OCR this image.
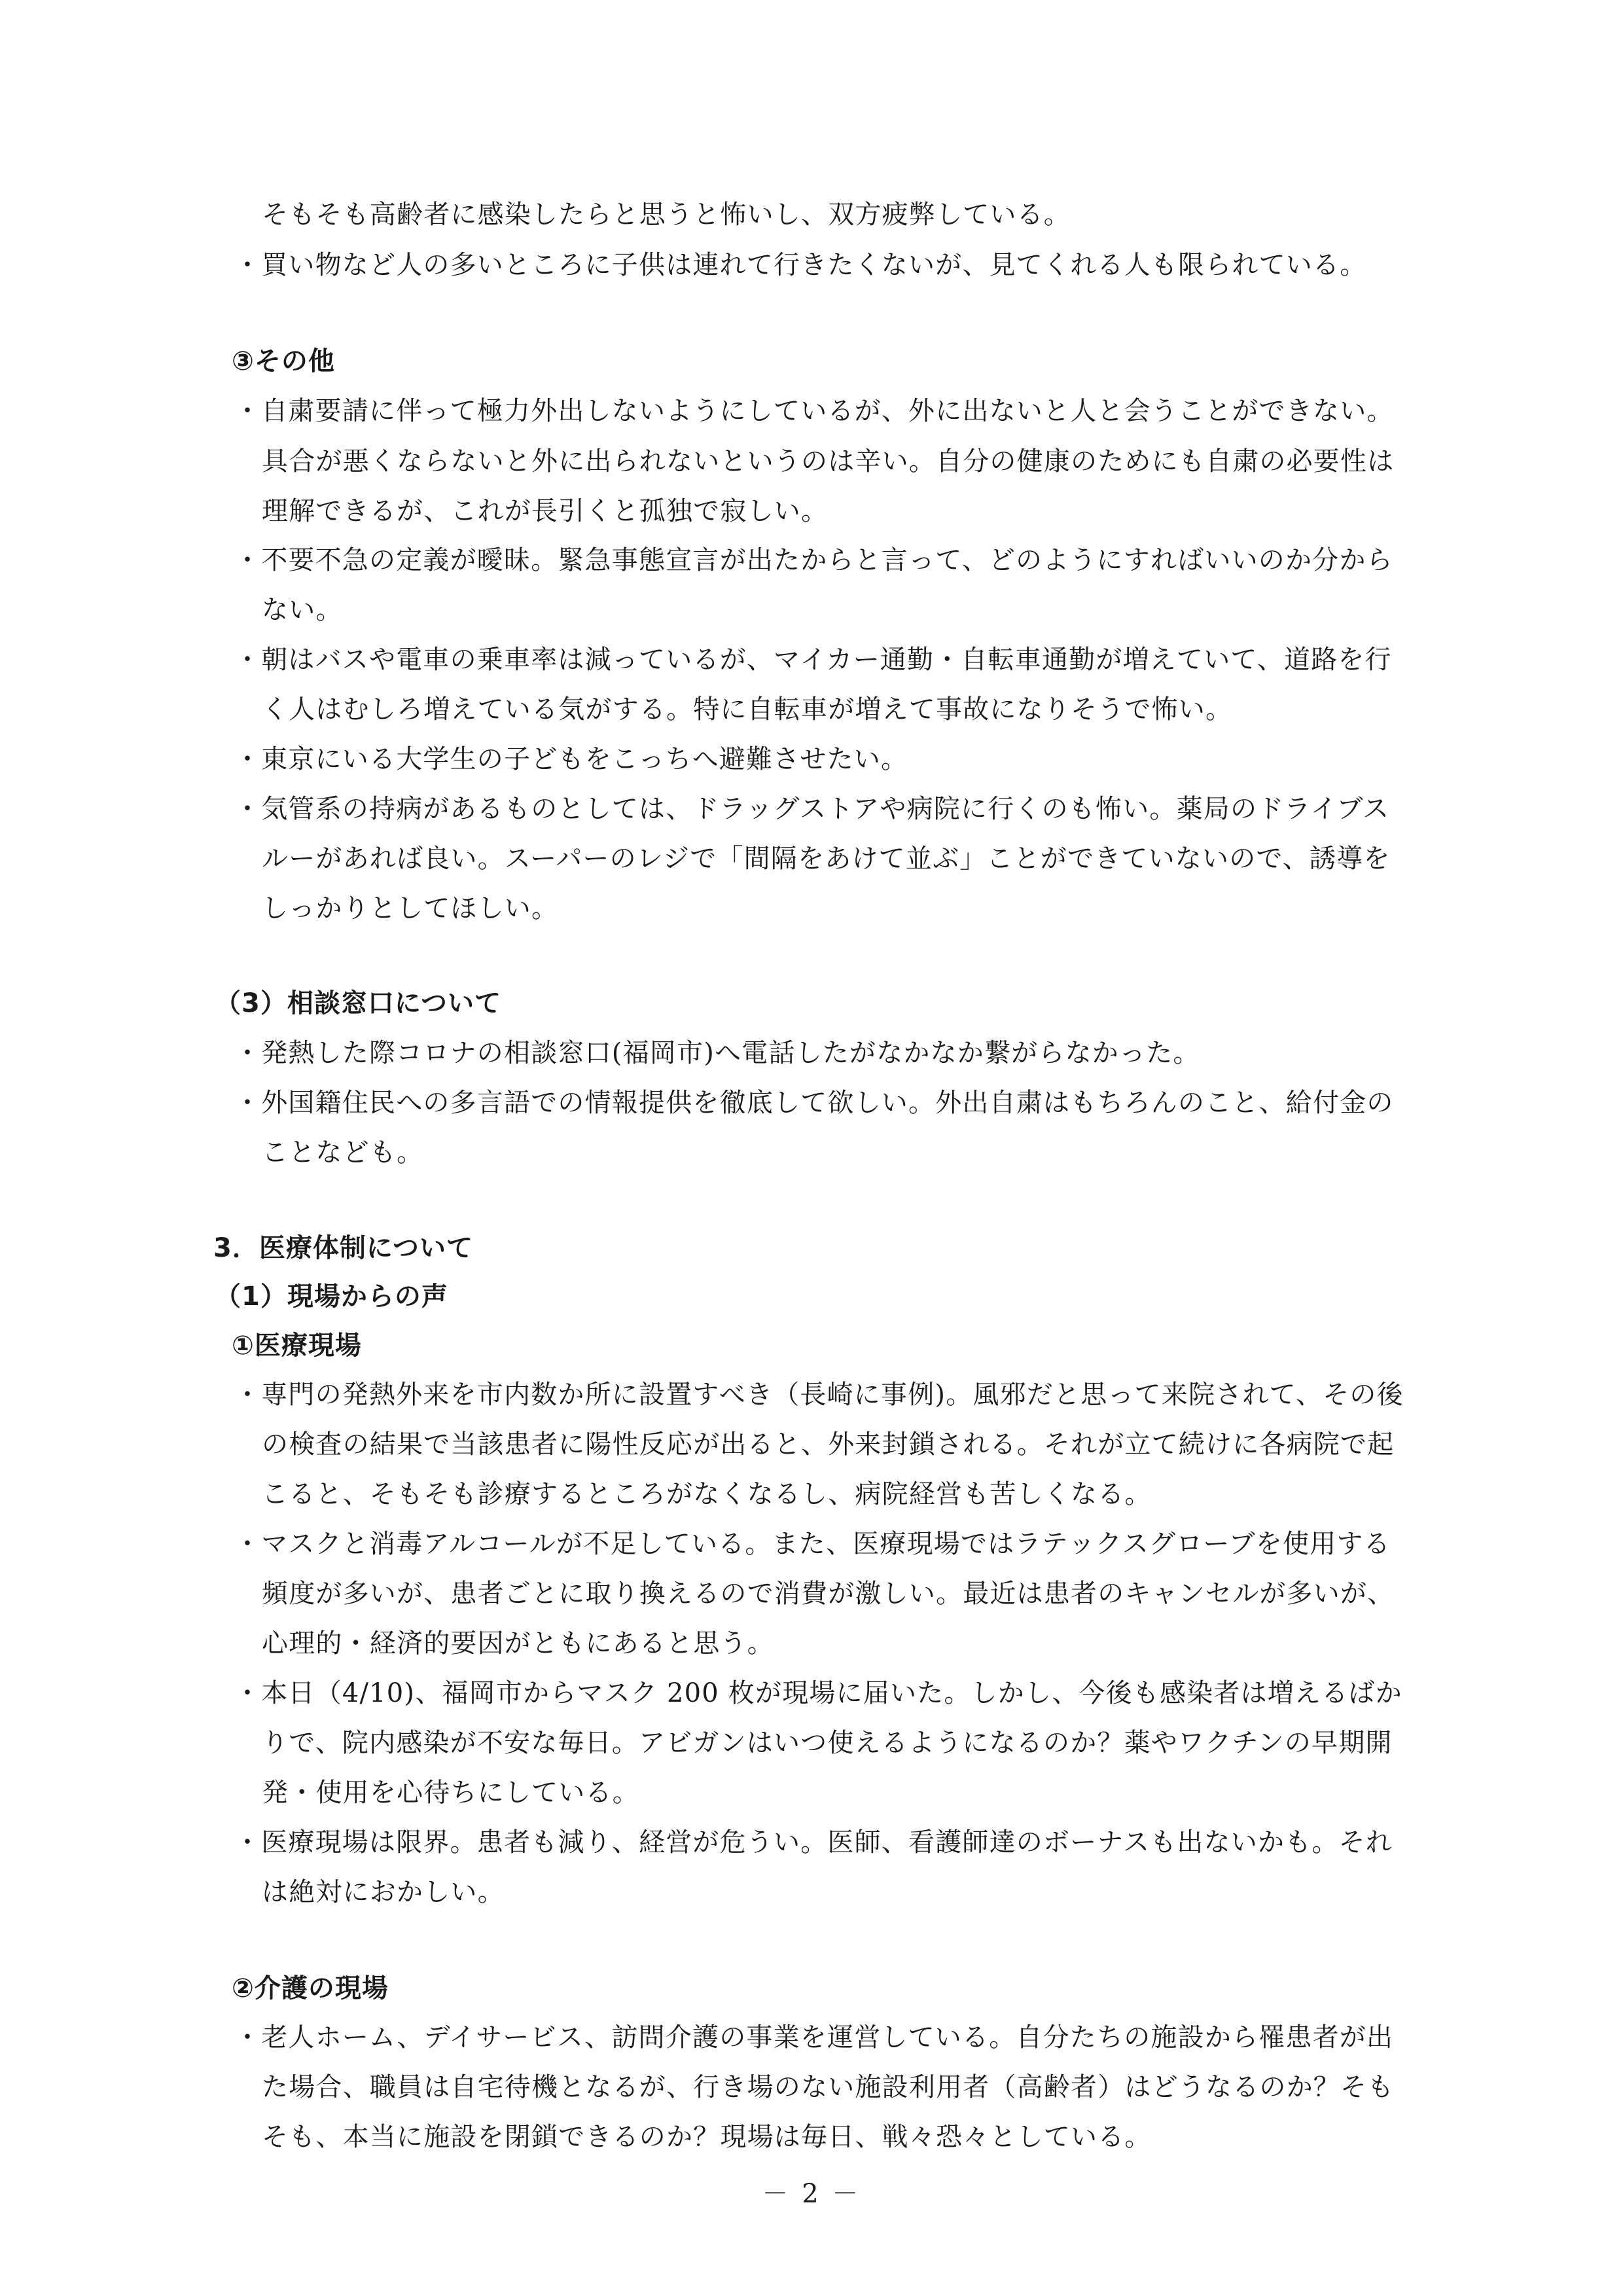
そもそも高齢者に感染したらと思うと怖いし、双方疲弊している。
・買い物など人の多いところに子供は連れて行きたくないが、見てくれる人も限られている。
③その他
・自粛要請に伴って極力外出しないようにしているが、外に出ないと人と会うことができない。
具合が悪くならないと外に出られないというのは辛い。自分の健康のためにも自粛の必要性は
理解できるが、これが長引くと孤独で寂しい。
・不要不急の定義が曖昧。緊急事態宣言が出たからと言って、どのようにすればいいのか分から
ない。
・朝はバスや電車の乗車率は減っているが、マイカー通勤・自転車通勤が増えていて、道路を行
く人はむしろ増えている気がする。特に自転車が増えて事故になりそうで怖い。
・東京にいる大学生の子どもをこっちへ避難させたい。
・気管系の持病があるものとしては、ドラッグストアや病院に行くのも怖い。薬局のドライブス
ルーがあれば良い。スーパーのレジで「間隔をあけて並ぶ」ことができていないので、誘導を
しっかりとしてほしい。
（3）相談窓口について
・発熱した際コロナの相談窓口(福岡市)へ電話したがなかなか繋がらなかった。
・外国籍住民への多言語での情報提供を徹底して欲しい。外出自粛はもちろんのこと、給付金の
ことなども。
3．医療体制について
（1）現場からの声
①医療現場
・専門の発熱外来を市内数か所に設置すべき（長崎に事例)。風邪だと思って来院されて、その後
の検査の結果で当該患者に陽性反応が出ると、外来封鎖される。それが立て続けに各病院で起
こると、そもそも診療するところがなくなるし、病院経営も苦しくなる。
・マスクと消毒アルコールが不足している。また、医療現場ではラテックスグローブを使用する
頻度が多いが、患者ごとに取り換えるので消費が激しい。最近は患者のキャンセルが多いが、
心理的・経済的要因がともにあると思う。
・本日（4/10)、福岡市からマスク 200 枚が現場に届いた。しかし、今後も感染者は増えるばか
りで、院内感染が不安な毎日。アビガンはいつ使えるようになるのか？薬やワクチンの早期開
発・使用を心待ちにしている。
・医療現場は限界。患者も減り、経営が危うい。医師、看護師達のボーナスも出ないかも。それ
は絶対におかしい。
②介護の現場
・老人ホーム、デイサービス、訪問介護の事業を運営している。自分たちの施設から罹患者が出
た場合、職員は自宅待機となるが、行き場のない施設利用者（高齢者）はどうなるのか？そも
そも、本当に施設を閉鎖できるのか？現場は毎日、戦々恐々としている。
－ 2 －
